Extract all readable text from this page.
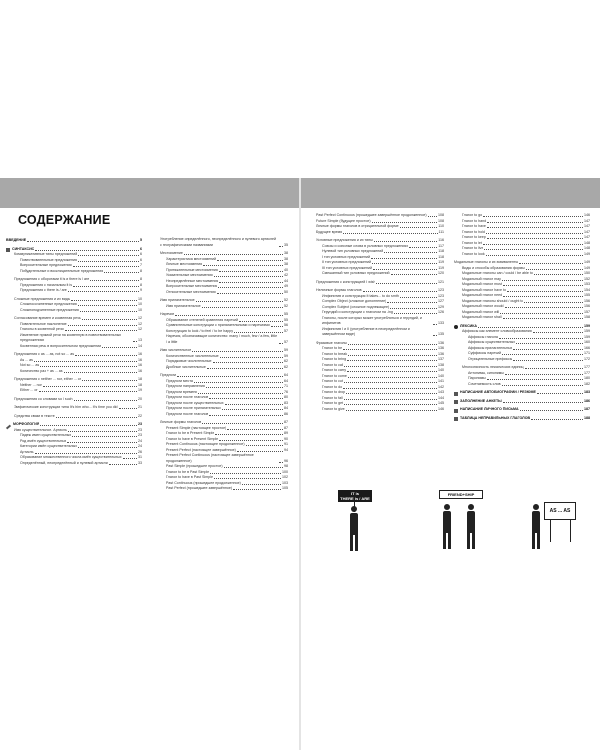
СОДЕРЖАНИЕ
ВВЕДЕНИЕ	5
СИНТАКСИС	6
Коммуникативные типы предложений	6
Повествовательные предложения	6
Вопросительные предложения	7
Побудительные и восклицательные предложения	8
Предложения с оборотами it is и there is / are	8
Предложения с начальным it is	8
Предложения с there is / are	9
Сложные предложения и их виды	10
Сложносочиненные предложения	10
Сложноподчиненные предложения	10
Согласование времен и косвенная речь	12
Повелительное наклонение	12
Глаголы в косвенной речи	12
Изменение прямой речи на косвенную в повествовательных предложениях	13
Косвенная речь в вопросительном предложении	14
Предложения с as ... as, not so ... as	16
As ... as	16
Not so ... as	16
Количество раз + as ... as	16
Предложения с neither ... nor, either ... or	18
Neither ... nor	18
Either ... or	19
Предложения со словами so / such	20
Эмфатические конструкции типа It's him who... It's time you did	21
Средства связи в тексте	22
МОРФОЛОГИЯ	23
Имя существительное. Артикль	23
Падеж имен существительных	23
Род имён существительных	24
Категории имён существительных	24
Артикль	26
Образование множественного числа имён существительных	31
Определённый, неопределённый и нулевой артикли	33
Употребление определённого, неопределённого и нулевого артиклей с географическими названиями	35
Местоимение	38
Характеристика местоимений	38
Личные местоимения	38
Притяжательные местоимения	40
Указательные местоимения	42
Неопределённые местоимения	44
Вопросительные местоимения	49
Относительные местоимения	50
Имя прилагательное	52
Имя прилагательное	52
Наречие	55
Образование степеней сравнения наречий	55
Сравнительные конструкции с прилагательными и наречиями	56
Конструкция to look / to feel / to be happy	57
Наречия, обозначающие количество: many / much, few / a few, little / a little	57
Имя числительное	59
Количественные числительные	59
Порядковые числительные	62
Дробные числительные	62
Предлоги	64
Предлоги места	64
Предлоги направления	71
Предлоги времени	76
Предлоги после глаголов	80
Предлоги после существительных	83
Предлоги после прилагательных	84
Предлоги после глаголов	86
Личные формы глаголов	87
Present Simple (настоящее простое)	87
Глагол to be в Present Simple	89
Глагол to have в Present Simple	90
Present Continuous (настоящее продолженное)	91
Present Perfect (настоящее завершённое)	94
Present Perfect Continuous (настоящее завершённое продолженное)	96
Past Simple (прошедшее простое)	98
Глагол to be в Past Simple	100
Глагол to have в Past Simple	102
Past Continuous (прошедшее продолженное)	103
Past Perfect (прошедшее завершённое)	105
Past Perfect Continuous (прошедшее завершённое продолженное)	108
Future Simple (будущее простое)	108
Личные формы глаголов в отрицательной форме	110
Будущее время	111
Условные предложения и их типы	116
Союзы и союзные слова в условных предложениях	117
Нулевой тип условных предложений	118
I тип условных предложений	118
II тип условных предложений	119
III тип условных предложений	119
Смешанный тип условных предложений	120
Предложения с конструкцией I wish	121
Неличные формы глаголов	123
Инфинитив и конструкция It takes... to do smth	123
Complex Object (сложное дополнение)	127
Complex Subject (сложное подлежащее)	129
Герундий и конструкции с глаголом на -ing	126
Глаголы, после которых может употребляться и герундий, и инфинитив	133
Инфинитив I и II (употребление в неопределённом и завершённом виде)	135
Фразовые глаголы	136
Глагол to be	136
Глагол to break	136
Глагол to bring	137
Глагол to call	138
Глагол to carry	140
Глагол to come	140
Глагол to cut	141
Глагол to do	142
Глагол to drop	143
Глагол to fall	144
Глагол to get	145
Глагол to give	146
Глагол to go	146
Глагол to hand	147
Глагол to have	147
Глагол to hold	147
Глагол to keep	147
Глагол to let	148
Глагол to live	148
Глагол to look	149
Модальные глаголы и их эквиваленты	149
Виды и способы образования формы	149
Модальные глаголы can / could / be able to	150
Модальный глагол may	152
Модальный глагол must	153
Модальный глагол have to	154
Модальный глагол need	155
Модальные глаголы should / ought to	156
Модальный глагол would	156
Модальный глагол will	157
Модальный глагол shall	158
ЛЕКСИКА	159
Аффиксы как элемент словообразования	159
Аффиксы глагола	159
Аффиксы существительных	160
Аффиксы прилагательных	166
Суффиксы наречий	171
Отрицательные префиксы	172
Многозначность лексических единиц	177
Антонимы, синонимы	177
Паронимы	180
Сочетаемость слов	182
НАПИСАНИЕ АВТОБИОГРАФИИ / РЕЗЮМЕ	183
ЗАПОЛНЕНИЕ АНКЕТЫ	186
НАПИСАНИЕ ЛИЧНОГО ПИСЬМА	187
ТАБЛИЦА НЕПРАВИЛЬНЫХ ГЛАГОЛОВ	188
IT is
THERE is / ARE
FRIEND+SHIP
AS ... AS
